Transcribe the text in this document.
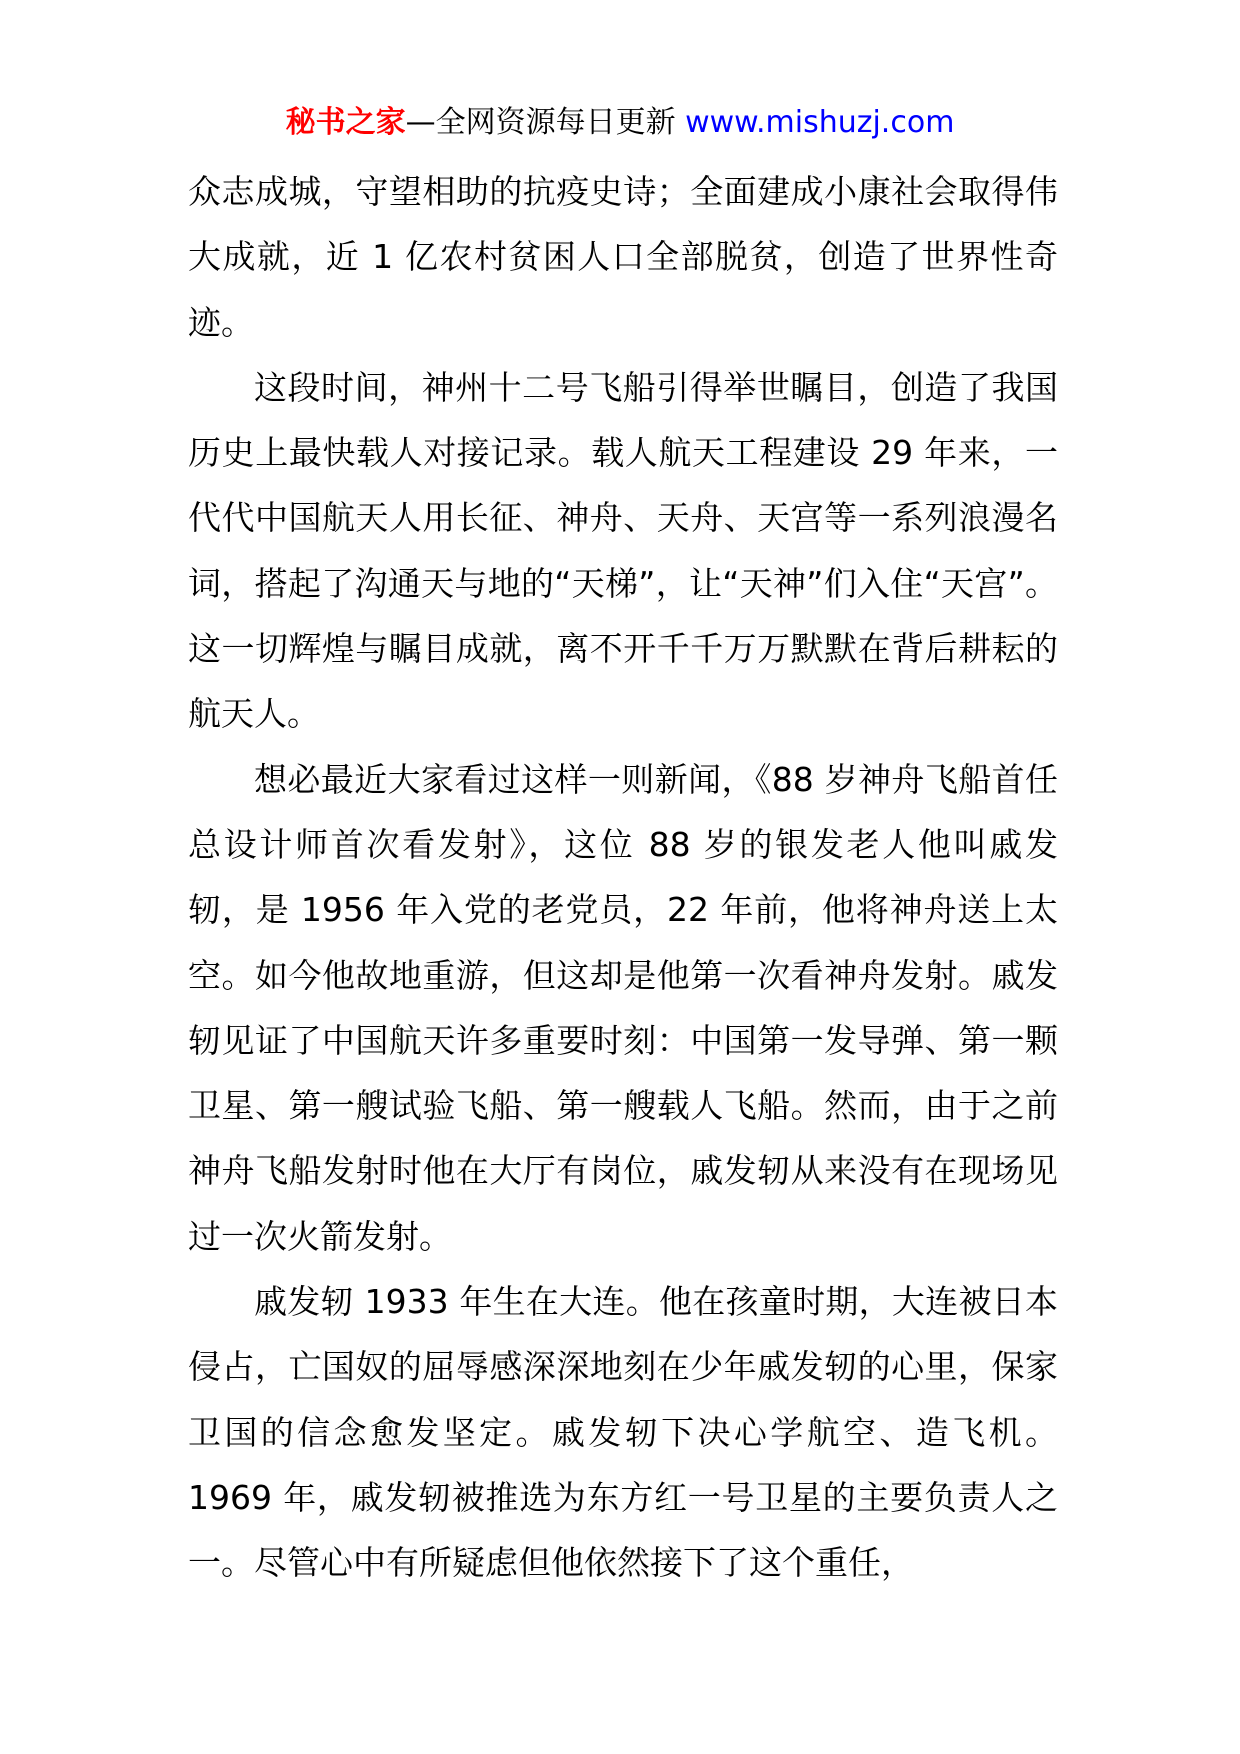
秘书之家—全网资源每日更新 www.mishuzj.com

众志成城，守望相助的抗疫史诗；全面建成小康社会取得伟大成就，近 1 亿农村贫困人口全部脱贫，创造了世界性奇迹。

这段时间，神州十二号飞船引得举世瞩目，创造了我国历史上最快载人对接记录。载人航天工程建设 29 年来，一代代中国航天人用长征、神舟、天舟、天宫等一系列浪漫名词，搭起了沟通天与地的“天梯”，让“天神”们入住“天宫”。这一切辉煌与瞩目成就，离不开千千万万默默在背后耕耘的航天人。

想必最近大家看过这样一则新闻，《88 岁神舟飞船首任总设计师首次看发射》，这位 88 岁的银发老人他叫戚发轫，是 1956 年入党的老党员，22 年前，他将神舟送上太空。如今他故地重游，但这却是他第一次看神舟发射。戚发轫见证了中国航天许多重要时刻：中国第一发导弹、第一颗卫星、第一艘试验飞船、第一艘载人飞船。然而，由于之前神舟飞船发射时他在大厅有岗位，戚发轫从来没有在现场见过一次火箭发射。

戚发轫 1933 年生在大连。他在孩童时期，大连被日本侵占，亡国奴的屈辱感深深地刻在少年戚发轫的心里，保家卫国的信念愈发坚定。戚发轫下决心学航空、造飞机。1969 年，戚发轫被推选为东方红一号卫星的主要负责人之一。尽管心中有所疑虑但他依然接下了这个重任，
